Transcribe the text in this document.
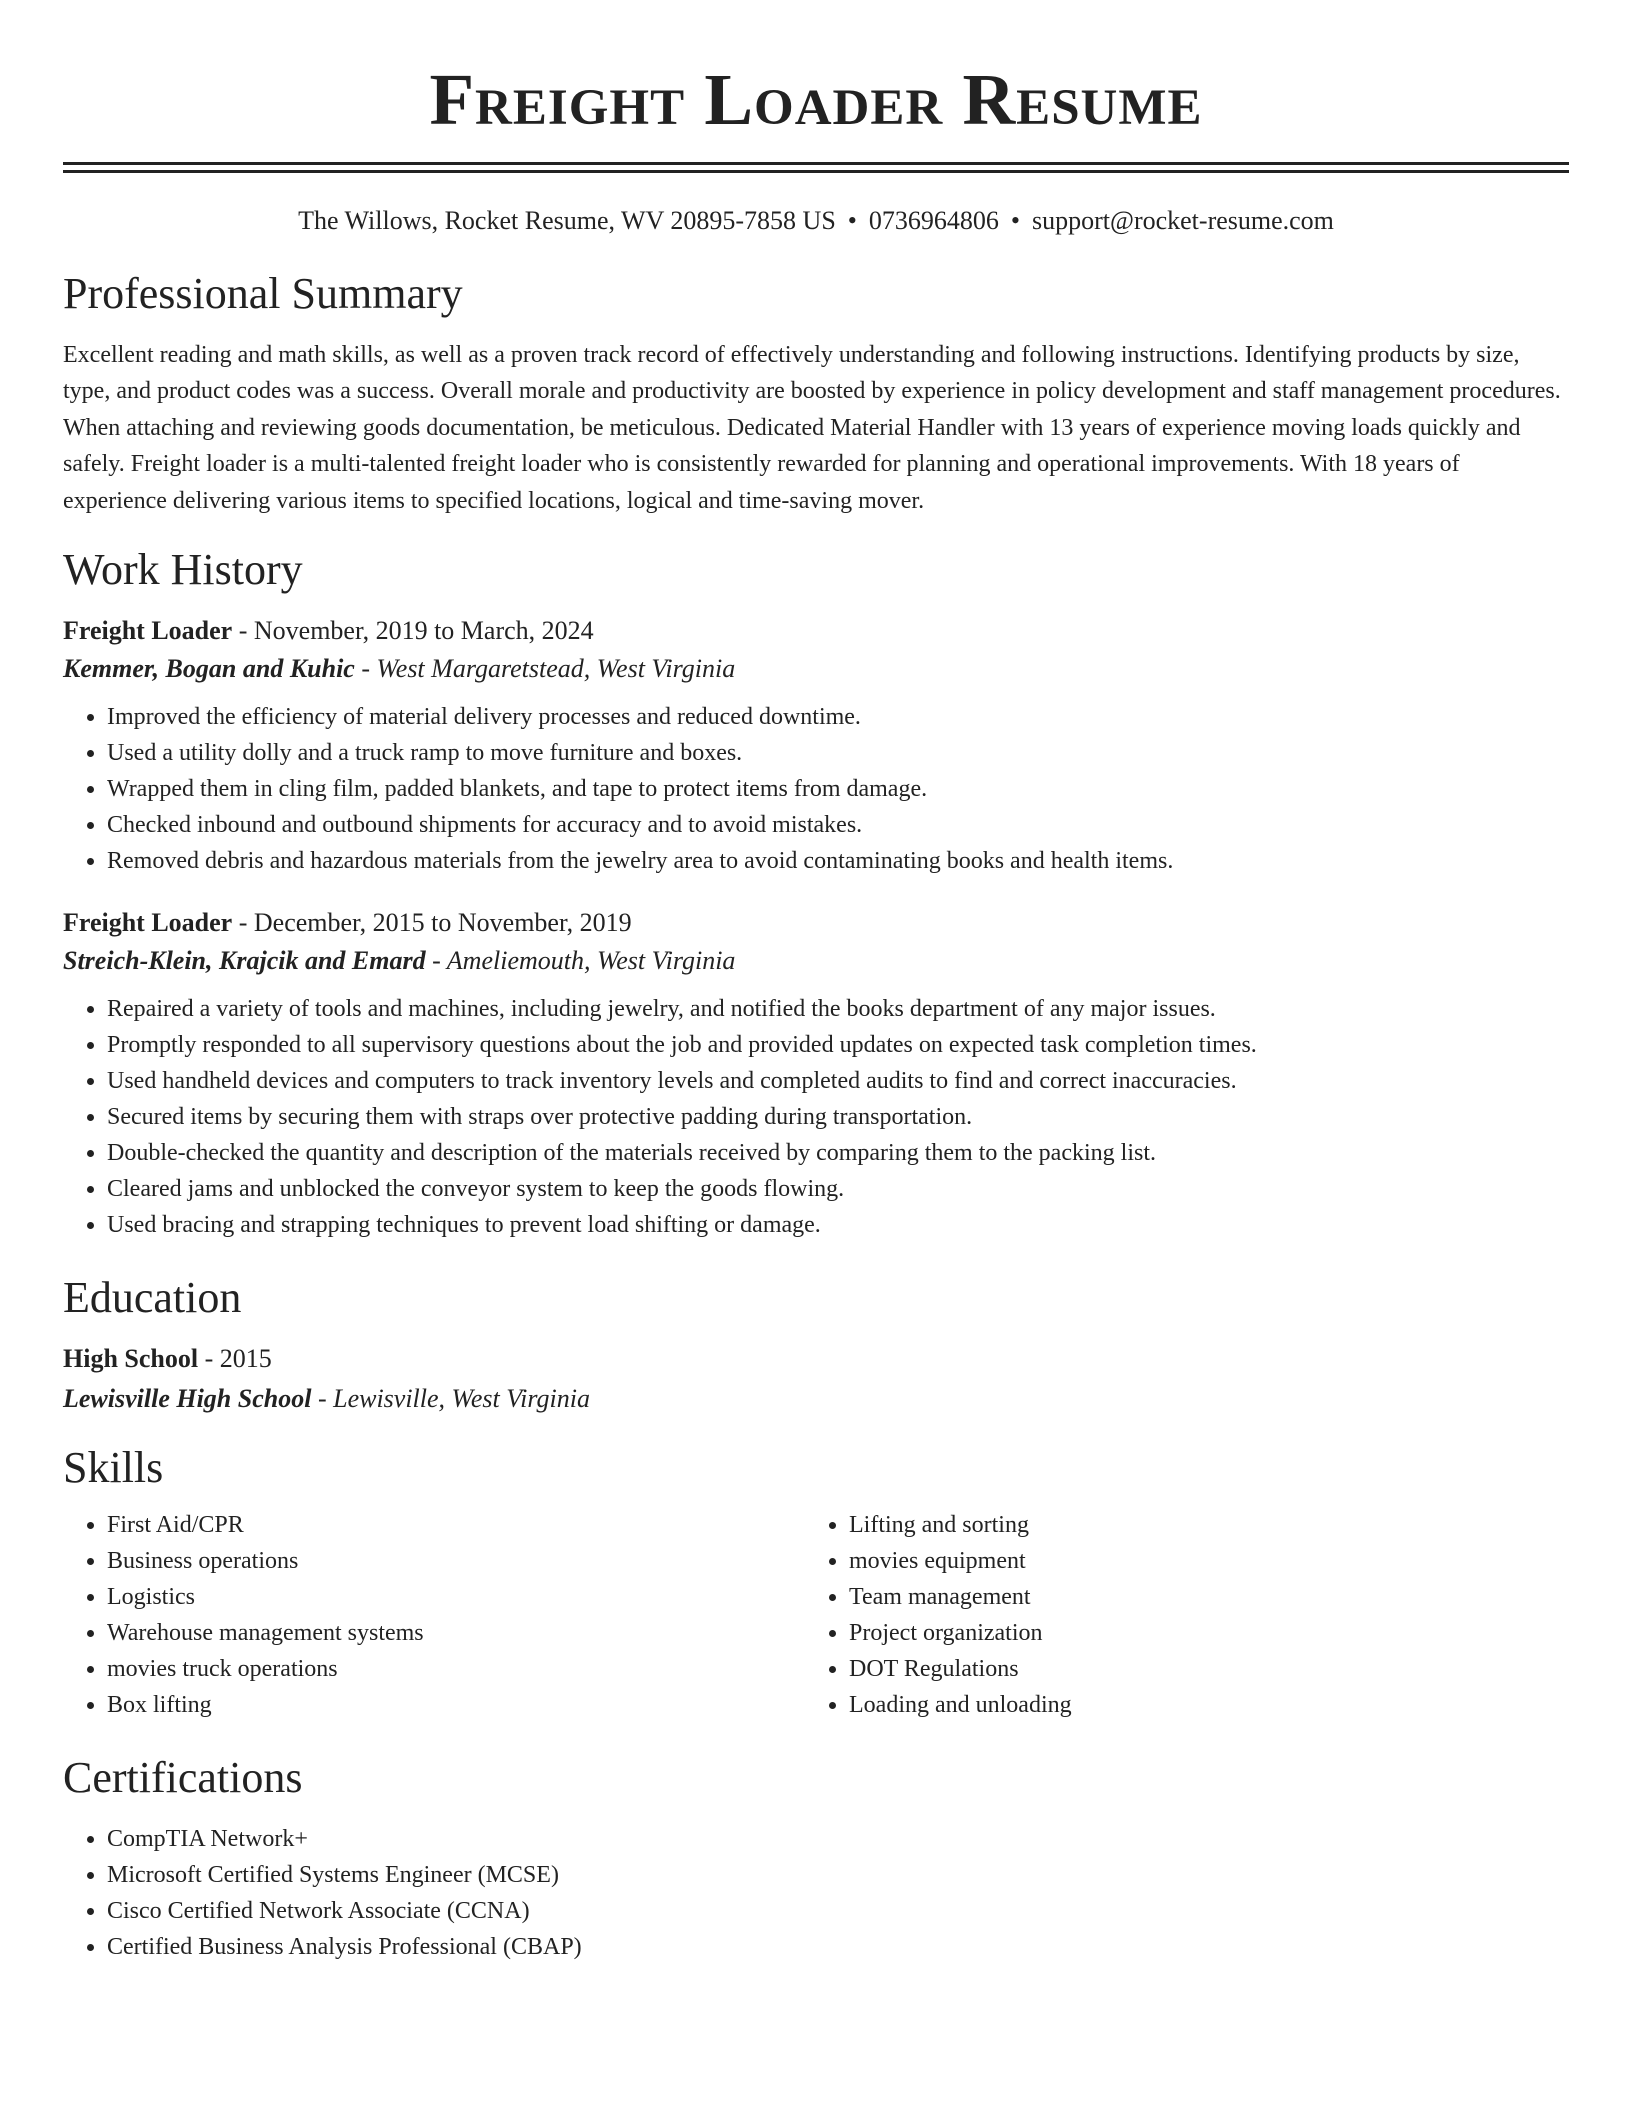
Freight Loader Resume
The Willows, Rocket Resume, WV 20895-7858 US • 0736964806 • support@rocket-resume.com
Professional Summary

Excellent reading and math skills, as well as a proven track record of effectively understanding and following instructions. Identifying products by size, type, and product codes was a success. Overall morale and productivity are boosted by experience in policy development and staff management procedures. When attaching and reviewing goods documentation, be meticulous. Dedicated Material Handler with 13 years of experience moving loads quickly and safely. Freight loader is a multi-talented freight loader who is consistently rewarded for planning and operational improvements. With 18 years of experience delivering various items to specified locations, logical and time-saving mover.

Work History
Freight Loader - November, 2019 to March, 2024
Kemmer, Bogan and Kuhic - West Margaretstead, West Virginia
• Improved the efficiency of material delivery processes and reduced downtime.
• Used a utility dolly and a truck ramp to move furniture and boxes.
• Wrapped them in cling film, padded blankets, and tape to protect items from damage.
• Checked inbound and outbound shipments for accuracy and to avoid mistakes.
• Removed debris and hazardous materials from the jewelry area to avoid contaminating books and health items.
Freight Loader - December, 2015 to November, 2019
Streich-Klein, Krajcik and Emard - Ameliemouth, West Virginia
• Repaired a variety of tools and machines, including jewelry, and notified the books department of any major issues.
• Promptly responded to all supervisory questions about the job and provided updates on expected task completion times.
• Used handheld devices and computers to track inventory levels and completed audits to find and correct inaccuracies.
• Secured items by securing them with straps over protective padding during transportation.
• Double-checked the quantity and description of the materials received by comparing them to the packing list.
• Cleared jams and unblocked the conveyor system to keep the goods flowing.
• Used bracing and strapping techniques to prevent load shifting or damage.
Education
High School - 2015
Lewisville High School - Lewisville, West Virginia
Skills
• First Aid/CPR
• Business operations
• Logistics
• Warehouse management systems
• movies truck operations
• Box lifting
• Lifting and sorting
• movies equipment
• Team management
• Project organization
• DOT Regulations
• Loading and unloading
Certifications
• CompTIA Network+
• Microsoft Certified Systems Engineer (MCSE)
• Cisco Certified Network Associate (CCNA)
• Certified Business Analysis Professional (CBAP)
